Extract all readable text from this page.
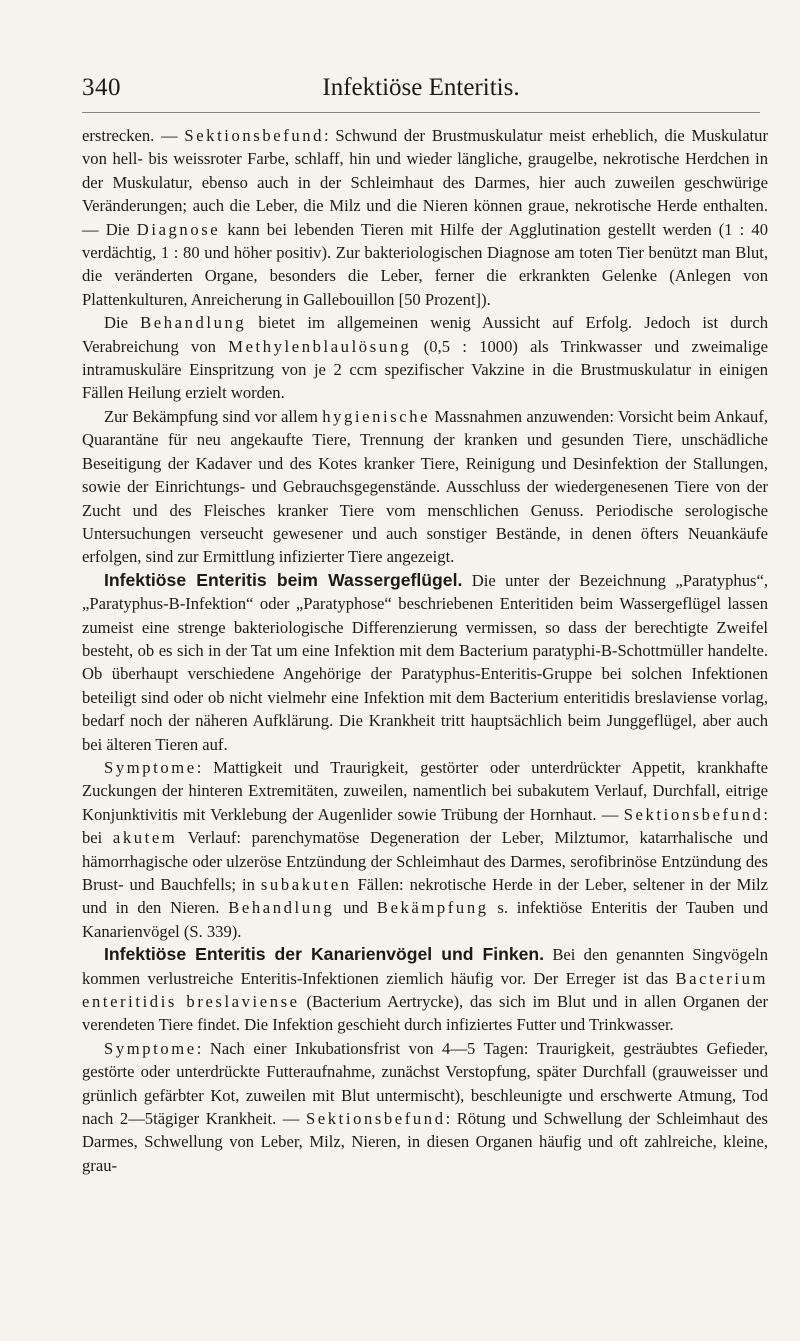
340	Infektiöse Enteritis.

erstrecken. — Sektionsbefund: Schwund der Brustmuskulatur meist erheblich, die Muskulatur von hell- bis weissroter Farbe, schlaff, hin und wieder längliche, graugelbe, nekrotische Herdchen in der Muskulatur, ebenso auch in der Schleimhaut des Darmes, hier auch zuweilen geschwürige Veränderungen; auch die Leber, die Milz und die Nieren können graue, nekrotische Herde enthalten. — Die Diagnose kann bei lebenden Tieren mit Hilfe der Agglutination gestellt werden (1 : 40 verdächtig, 1 : 80 und höher positiv). Zur bakteriologischen Diagnose am toten Tier benützt man Blut, die veränderten Organe, besonders die Leber, ferner die erkrankten Gelenke (Anlegen von Plattenkulturen, Anreicherung in Gallebouillon [50 Prozent]).

Die Behandlung bietet im allgemeinen wenig Aussicht auf Erfolg. Jedoch ist durch Verabreichung von Methylenblaulösung (0,5 : 1000) als Trinkwasser und zweimalige intramuskuläre Einspritzung von je 2 ccm spezifischer Vakzine in die Brustmuskulatur in einigen Fällen Heilung erzielt worden.

Zur Bekämpfung sind vor allem hygienische Massnahmen anzuwenden: Vorsicht beim Ankauf, Quarantäne für neu angekaufte Tiere, Trennung der kranken und gesunden Tiere, unschädliche Beseitigung der Kadaver und des Kotes kranker Tiere, Reinigung und Desinfektion der Stallungen, sowie der Einrichtungs- und Gebrauchsgegenstände. Ausschluss der wiedergenesenen Tiere von der Zucht und des Fleisches kranker Tiere vom menschlichen Genuss. Periodische serologische Untersuchungen verseucht gewesener und auch sonstiger Bestände, in denen öfters Neuankäufe erfolgen, sind zur Ermittlung infizierter Tiere angezeigt.

Infektiöse Enteritis beim Wassergeflügel. Die unter der Bezeichnung „Paratyphus“, „Paratyphus-B-Infektion“ oder „Paratyphose“ beschriebenen Enteritiden beim Wassergeflügel lassen zumeist eine strenge bakteriologische Differenzierung vermissen, so dass der berechtigte Zweifel besteht, ob es sich in der Tat um eine Infektion mit dem Bacterium paratyphi-B-Schottmüller handelte. Ob überhaupt verschiedene Angehörige der Paratyphus-Enteritis-Gruppe bei solchen Infektionen beteiligt sind oder ob nicht vielmehr eine Infektion mit dem Bacterium enteritidis breslaviense vorlag, bedarf noch der näheren Aufklärung. Die Krankheit tritt hauptsächlich beim Junggeflügel, aber auch bei älteren Tieren auf.

Symptome: Mattigkeit und Traurigkeit, gestörter oder unterdrückter Appetit, krankhafte Zuckungen der hinteren Extremitäten, zuweilen, namentlich bei subakutem Verlauf, Durchfall, eitrige Konjunktivitis mit Verklebung der Augenlider sowie Trübung der Hornhaut. — Sektionsbefund: bei akutem Verlauf: parenchymatöse Degeneration der Leber, Milztumor, katarrhalische und hämorrhagische oder ulzeröse Entzündung der Schleimhaut des Darmes, serofibrinöse Entzündung des Brust- und Bauchfells; in subakuten Fällen: nekrotische Herde in der Leber, seltener in der Milz und in den Nieren. Behandlung und Bekämpfung s. infektiöse Enteritis der Tauben und Kanarienvögel (S. 339).

Infektiöse Enteritis der Kanarienvögel und Finken. Bei den genannten Singvögeln kommen verlustreiche Enteritis-Infektionen ziemlich häufig vor. Der Erreger ist das Bacterium enteritidis breslaviense (Bacterium Aertrycke), das sich im Blut und in allen Organen der verendeten Tiere findet. Die Infektion geschieht durch infiziertes Futter und Trinkwasser.

Symptome: Nach einer Inkubationsfrist von 4—5 Tagen: Traurigkeit, gesträubtes Gefieder, gestörte oder unterdrückte Futteraufnahme, zunächst Verstopfung, später Durchfall (grauweisser und grünlich gefärbter Kot, zuweilen mit Blut untermischt), beschleunigte und erschwerte Atmung, Tod nach 2—5tägiger Krankheit. — Sektionsbefund: Rötung und Schwellung der Schleimhaut des Darmes, Schwellung von Leber, Milz, Nieren, in diesen Organen häufig und oft zahlreiche, kleine, grau-
